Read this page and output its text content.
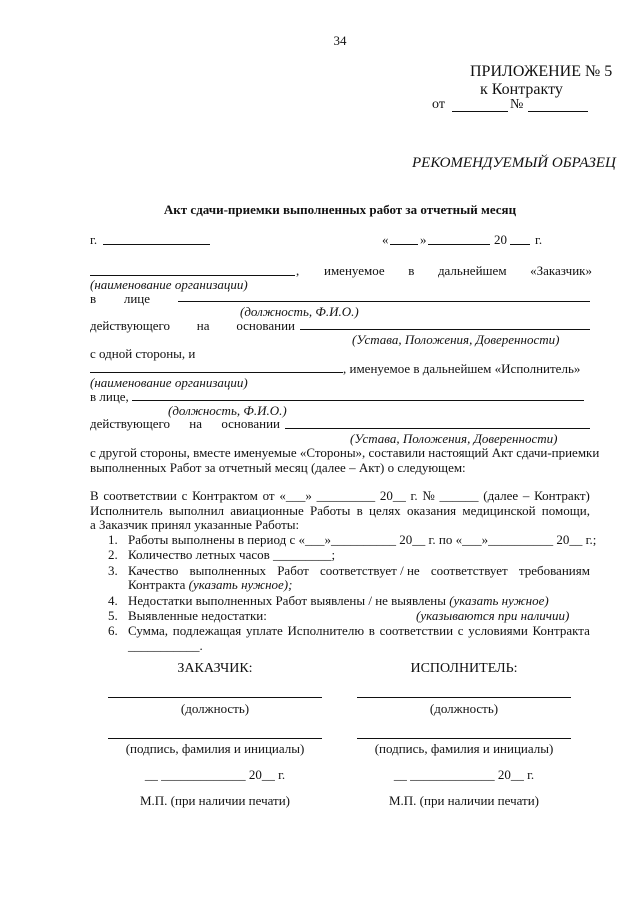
34
ПРИЛОЖЕНИЕ № 5
к Контракту
от	№
РЕКОМЕНДУЕМЫЙ ОБРАЗЕЦ
Акт сдачи-приемки выполненных работ за отчетный месяц
г.	« »	20 г.
, именуемое в дальнейшем «Заказчик»
(наименование организации)
в лице
(должность, Ф.И.О.)
действующего на основании
(Устава, Положения, Доверенности)
с одной стороны, и
, именуемое в дальнейшем «Исполнитель»
(наименование организации)
в лице,
(должность, Ф.И.О.)
действующего на основании
(Устава, Положения, Доверенности)
с другой стороны, вместе именуемые «Стороны», составили настоящий Акт сдачи-приемки
выполненных Работ за отчетный месяц (далее – Акт) о следующем:
В соответствии с Контрактом от «___» _________ 20__ г. № ______ (далее – Контракт)
Исполнитель выполнил авиационные Работы в целях оказания медицинской помощи,
а Заказчик принял указанные Работы:
1. Работы выполнены в период с «___»__________ 20__ г. по «___»__________ 20__ г.;
2. Количество летных часов _________;
3. Качество выполненных Работ соответствует / не соответствует требованиям
Контракта (указать нужное);
4. Недостатки выполненных Работ выявлены / не выявлены (указать нужное)
5. Выявленные недостатки:	(указываются при наличии)
6. Сумма, подлежащая уплате Исполнителю в соответствии с условиями Контракта
___________.
ЗАКАЗЧИК:
(должность)
(подпись, фамилия и инициалы)
__ _____________ 20__ г.
М.П. (при наличии печати)
ИСПОЛНИТЕЛЬ:
(должность)
(подпись, фамилия и инициалы)
__ _____________ 20__ г.
М.П. (при наличии печати)
